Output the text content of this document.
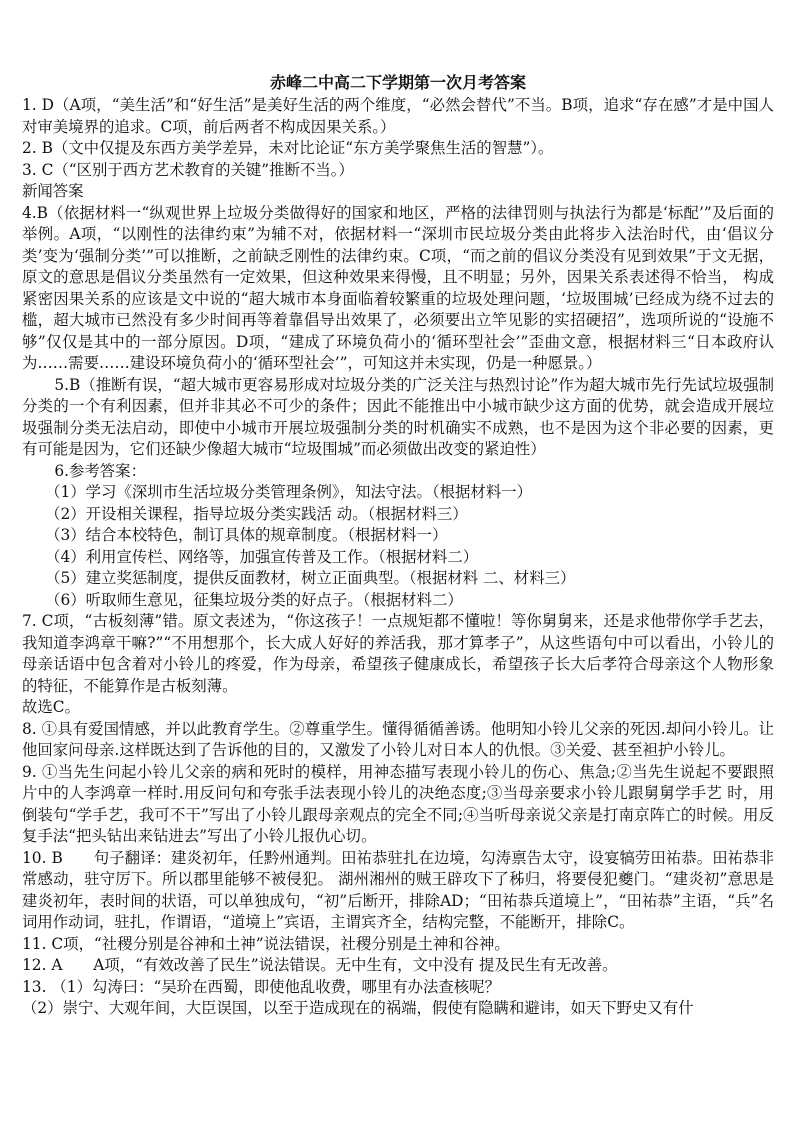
赤峰二中高二下学期第一次月考答案

1. D（A项，“美生活”和“好生活”是美好生活的两个维度，“必然会替代”不当。B项，追求“存在感”才是中国人对审美境界的追求。C项，前后两者不构成因果关系。）

2. B（文中仅提及东西方美学差异，未对比论证“东方美学聚焦生活的智慧”）。

3. C（“区别于西方艺术教育的关键”推断不当。）

新闻答案

4.B（依据材料一“纵观世界上垃圾分类做得好的国家和地区，严格的法律罚则与执法行为都是‘标配’”及后面的举例。A项，“以刚性的法律约束”为辅不对，依据材料一“深圳市民垃圾分类由此将步入法治时代，由‘倡议分类’变为‘强制分类’”可以推断，之前缺乏刚性的法律约束。C项，“而之前的倡议分类没有见到效果”于文无据，原文的意思是倡议分类虽然有一定效果，但这种效果来得慢，且不明显；另外，因果关系表述得不恰当， 构成紧密因果关系的应该是文中说的“超大城市本身面临着较繁重的垃圾处理问题，‘垃圾围城’已经成为绕不过去的槛，超大城市已然没有多少时间再等着靠倡导出效果了，必须要出立竿见影的实招硬招”，选项所说的“设施不够”仅仅是其中的一部分原因。D项，“建成了环境负荷小的‘循环型社会’”歪曲文意，根据材料三“日本政府认为……需要……建设环境负荷小的‘循环型社会’”，可知这并未实现，仍是一种愿景。）

5.B（推断有误，“超大城市更容易形成对垃圾分类的广泛关注与热烈讨论”作为超大城市先行先试垃圾强制分类的一个有利因素，但并非其必不可少的条件；因此不能推出中小城市缺少这方面的优势，就会造成开展垃圾强制分类无法启动，即使中小城市开展垃圾强制分类的时机确实不成熟，也不是因为这个非必要的因素，更有可能是因为，它们还缺少像超大城市“垃圾围城”而必须做出改变的紧迫性）

6.参考答案：

（1）学习《深圳市生活垃圾分类管理条例》，知法守法。（根据材料一）

（2）开设相关课程，指导垃圾分类实践活 动。（根据材料三）

（3）结合本校特色，制订具体的规章制度。（根据材料一）

（4）利用宣传栏、网络等，加强宣传普及工作。（根据材料二）

（5）建立奖惩制度，提供反面教材，树立正面典型。（根据材料 二、材料三）

（6）听取师生意见，征集垃圾分类的好点子。（根据材料二）

7. C项，“古板刻薄”错。原文表述为，“你这孩子！一点规矩都不懂啦！等你舅舅来，还是求他带你学手艺去，我知道李鸿章干嘛?”“不用想那个，长大成人好好的养活我，那才算孝子”，从这些语句中可以看出，小铃儿的母亲话语中包含着对小铃儿的疼爱，作为母亲，希望孩子健康成长，希望孩子长大后孝符合母亲这个人物形象的特征，不能算作是古板刻薄。

故选C。

8. ①具有爱国情感，并以此教育学生。②尊重学生。懂得循循善诱。他明知小铃儿父亲的死因.却问小铃儿。让 他回家问母亲.这样既达到了告诉他的目的，又激发了小铃儿对日本人的仇恨。③关爱、甚至袒护小铃儿。

9. ①当先生问起小铃儿父亲的病和死时的模样，用神态描写表现小铃儿的伤心、焦急;②当先生说起不要跟照 片中的人李鸿章一样时.用反问句和夸张手法表现小铃儿的决绝态度;③当母亲要求小铃儿跟舅舅学手艺 时，用倒装句“学手艺，我可不干”写出了小铃儿跟母亲观点的完全不同;④当听母亲说父亲是打南京阵亡的时候。用反复手法“把头钻出来钻进去”写出了小铃儿报仇心切。

10. B　　句子翻译：建炎初年，任黔州通判。田祐恭驻扎在边境，勾涛禀告太守，设宴犒劳田祐恭。田祐恭非常感动，驻守厉下。所以郡里能够不被侵犯。 湖州湘州的贼王辟攻下了秭归，将要侵犯夔门。“建炎初”意思是建炎初年，表时间的状语，可以单独成句，“初”后断开，排除AD；“田祐恭兵道境上”，“田祐恭”主语，“兵”名词用作动词，驻扎，作谓语，“道境上”宾语，主谓宾齐全，结构完整，不能断开，排除C。

11. C项，“社稷分别是谷神和土神”说法错误，社稷分别是土神和谷神。

12. A　　A项，“有效改善了民生”说法错误。无中生有，文中没有 提及民生有无改善。

13. （1）勾涛曰：“吴玠在西蜀，即使他乱收费，哪里有办法查核呢？

（2）崇宁、大观年间，大臣误国，以至于造成现在的祸端，假使有隐瞒和避讳，如天下野史又有什
